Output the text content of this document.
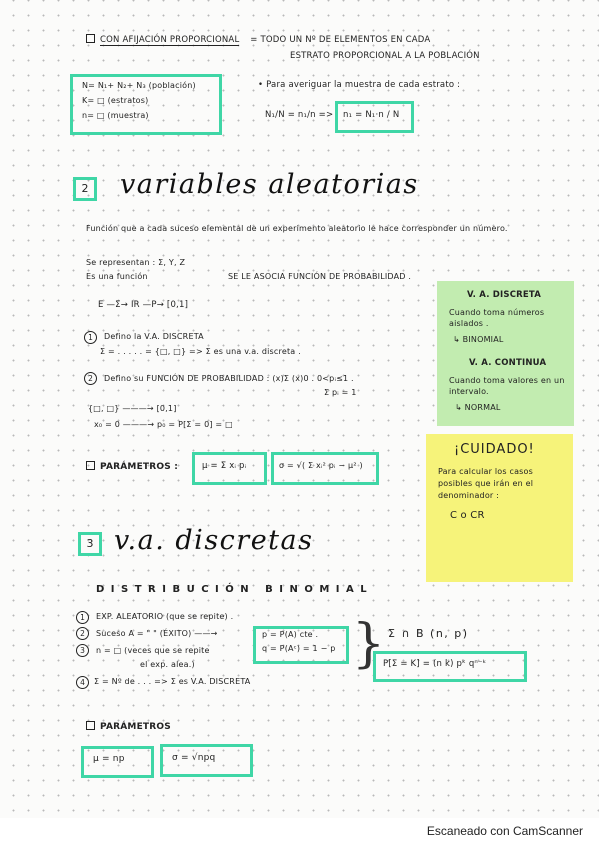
CON AFIJACIÓN PROPORCIONAL = TODO UN Nº DE ELEMENTOS EN CADA
ESTRATO PROPORCIONAL A LA POBLACIÓN
N= N₁+ N₂+ N₃ (población)
K= □ (estratos)
n= □ (muestra)
• Para averiguar la muestra de cada estrato :
N₁/N = n₁/n => n₁ = N₁·n / N
2	variables aleatorias
Función que a cada suceso elemental de un experimento aleatorio le hace corresponder un número.
Se representan : Σ, Y, Z
Es una función	SE LE ASOCIA FUNCIÓN DE PROBABILIDAD .
E —Σ→ IR —P→ [0,1]
1	Defino la V.A. DISCRETA
Σ = . . . . . = {□, □} => Σ es una v.a. discreta .
2	Defino su FUNCIÓN DE PROBABILIDAD : (x)Σ (x)0 . 0<pᵢ≤1 .
Σ pᵢ = 1
{□, □} ———→ [0,1]
x₀ = 0 ———→ p₀ = P[Σ = 0] = □
PARÁMETROS :	μ = Σ xᵢ pᵢ	σ = √( Σ xᵢ² pᵢ − μ² )
V. A. DISCRETA
Cuando toma números aislados .
↳ BINOMIAL
V. A. CONTINUA
Cuando toma valores en un intervalo.
↳ NORMAL
¡CUIDADO!
Para calcular los casos posibles que irán en el denominador :
C o CR
3 v.a. discretas
DISTRIBUCIÓN BINOMIAL
1	EXP. ALEATORIO (que se repite) .
2	Suceso A = " " (ÉXITO) ——→
3	n = □ (veces que se repite
el exp. alea.)
4	Σ = Nº de . . . => Σ es V.A. DISCRETA
p = P(A) cte .
q = P(Aᶜ) = 1 − p } Σ ∩ B (n, p)
P[Σ = K] = (n k) pᵏ qⁿ⁻ᵏ
PARÁMETROS
μ = np	σ = √npq
Escaneado con CamScanner
